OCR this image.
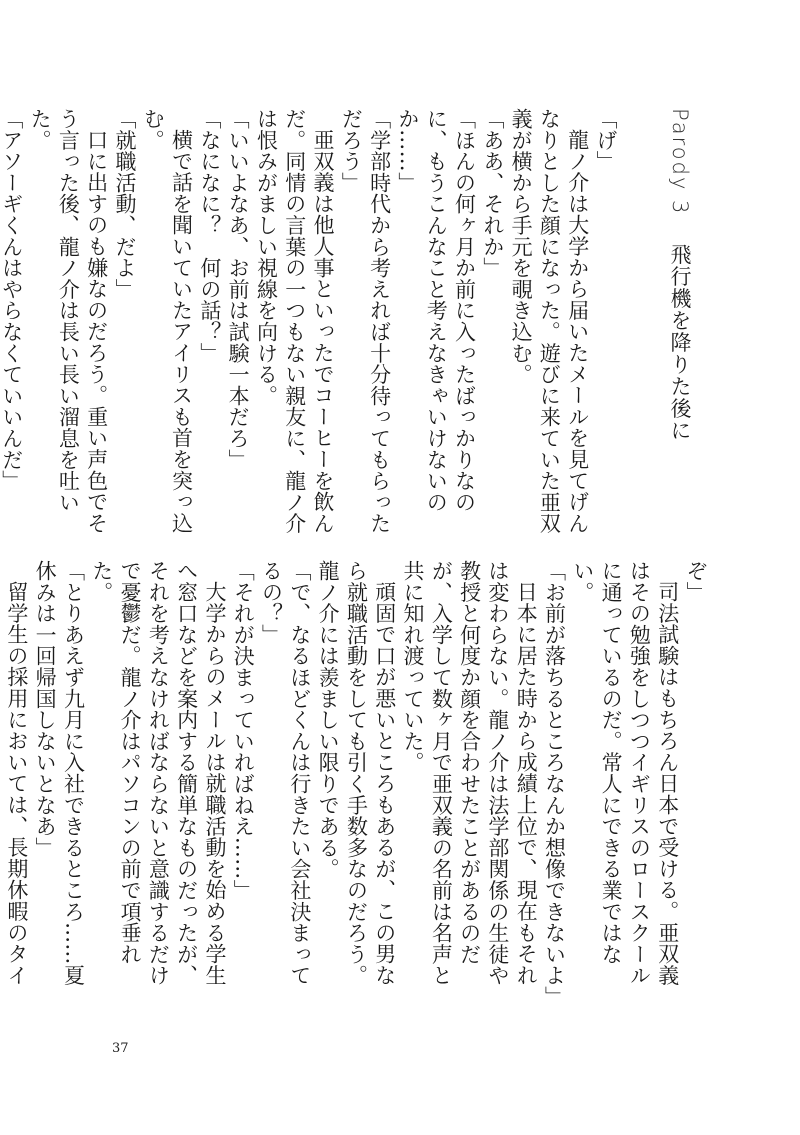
Parody 3飛行機を降りた後に

「げ」

龍ノ介は大学から届いたメールを見てげんなりとした顔になった。遊びに来ていた亜双義が横から手元を覗き込む。

「ああ、それか」

「ほんの何ヶ月か前に入ったばっかりなのに、もうこんなこと考えなきゃいけないのか……」

「学部時代から考えれば十分待ってもらっただろう」

亜双義は他人事といったでコーヒーを飲んだ。同情の言葉の一つもない親友に、龍ノ介は恨みがましい視線を向ける。

「いいよなあ、お前は試験一本だろ」

「なになに？　何の話？」

横で話を聞いていたアイリスも首を突っ込む。

「就職活動、だよ」

口に出すのも嫌なのだろう。重い声色でそう言った後、龍ノ介は長い長い溜息を吐いた。

「アソーギくんはやらなくていいんだ」

ぞ」

司法試験はもちろん日本で受ける。亜双義はその勉強をしつつイギリスのロースクールに通っているのだ。常人にできる業ではない。

「お前が落ちるところなんか想像できないよ」

日本に居た時から成績上位で、現在もそれは変わらない。龍ノ介は法学部関係の生徒や教授と何度か顔を合わせたことがあるのだが、入学して数ヶ月で亜双義の名前は名声と共に知れ渡っていた。

頑固で口が悪いところもあるが、この男なら就職活動をしても引く手数多なのだろう。龍ノ介には羨ましい限りである。

「で、なるほどくんは行きたい会社決まってるの？」

「それが決まっていればねえ……」

大学からのメールは就職活動を始める学生へ窓口などを案内する簡単なものだったが、それを考えなければならないと意識するだけで憂鬱だ。龍ノ介はパソコンの前で項垂れた。

「とりあえず九月に入社できるところ……夏休みは一回帰国しないとなあ」

留学生の採用においては、長期休暇のタイ

37
